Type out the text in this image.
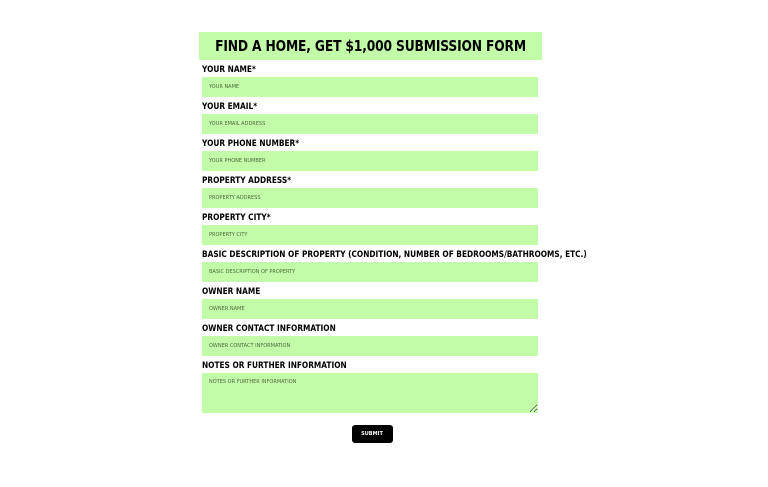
FIND A HOME, GET $1,000 SUBMISSION FORM
YOUR NAME*
Your Name
YOUR EMAIL*
Your Email Address
YOUR PHONE NUMBER*
Your Phone Number
PROPERTY ADDRESS*
Property Address
PROPERTY CITY*
Property City
BASIC DESCRIPTION OF PROPERTY (CONDITION, NUMBER OF BEDROOMS/BATHROOMS, ETC.)
Basic Description of Property
OWNER NAME
Owner Name
OWNER CONTACT INFORMATION
Owner Contact Information
NOTES OR FURTHER INFORMATION
Notes or Further Information
SUBMIT
